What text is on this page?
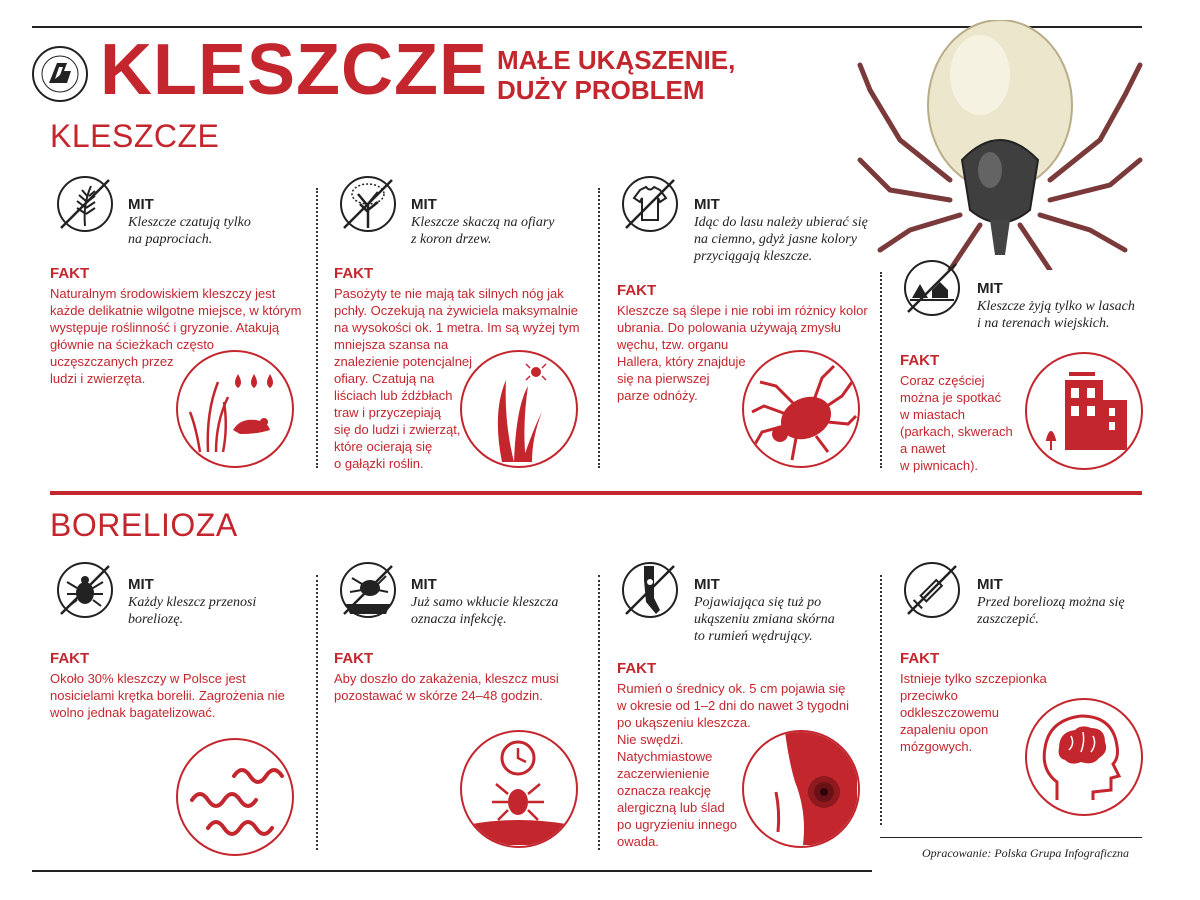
KLESZCZE MAŁE UKĄSZENIE,
DUŻY PROBLEM
KLESZCZE
BORELIOZA
MIT
Kleszcze czatują tylko
na paprociach.
FAKT
Naturalnym środowiskiem kleszczy jest
każde delikatnie wilgotne miejsce, w którym
występuje roślinność i gryzonie. Atakują
głównie na ścieżkach często
uczęszczanych przez
ludzi i zwierzęta.
MIT
Kleszcze skaczą na ofiary
z koron drzew.
FAKT
Pasożyty te nie mają tak silnych nóg jak
pchły. Oczekują na żywiciela maksymalnie
na wysokości ok. 1 metra. Im są wyżej tym
mniejsza szansa na
znalezienie potencjalnej
ofiary. Czatują na
liściach lub źdźbłach
traw i przyczepiają
się do ludzi i zwierząt,
które ocierają się
o gałązki roślin.
MIT
Idąc do lasu należy ubierać się
na ciemno, gdyż jasne kolory
przyciągają kleszcze.
FAKT
Kleszcze są ślepe i nie robi im różnicy kolor
ubrania. Do polowania używają zmysłu
węchu, tzw. organu
Hallera, który znajduje
się na pierwszej
parze odnóży.
MIT
Kleszcze żyją tylko w lasach
i na terenach wiejskich.
FAKT
Coraz częściej
można je spotkać
w miastach
(parkach, skwerach
a nawet
w piwnicach).
MIT
Każdy kleszcz przenosi
boreliozę.
FAKT
Około 30% kleszczy w Polsce jest
nosicielami krętka borelii. Zagrożenia nie
wolno jednak bagatelizować.
MIT
Już samo wkłucie kleszcza
oznacza infekcję.
FAKT
Aby doszło do zakażenia, kleszcz musi
pozostawać w skórze 24–48 godzin.
MIT
Pojawiająca się tuż po
ukąszeniu zmiana skórna
to rumień wędrujący.
FAKT
Rumień o średnicy ok. 5 cm pojawia się
w okresie od 1–2 dni do nawet 3 tygodni
po ukąszeniu kleszcza.
Nie swędzi.
Natychmiastowe
zaczerwienienie
oznacza reakcję
alergiczną lub ślad
po ugryzieniu innego
owada.
MIT
Przed boreliozą można się
zaszczepić.
FAKT
Istnieje tylko szczepionka
przeciwko
odkleszczowemu
zapaleniu opon
mózgowych.
Opracowanie: Polska Grupa Infograficzna
